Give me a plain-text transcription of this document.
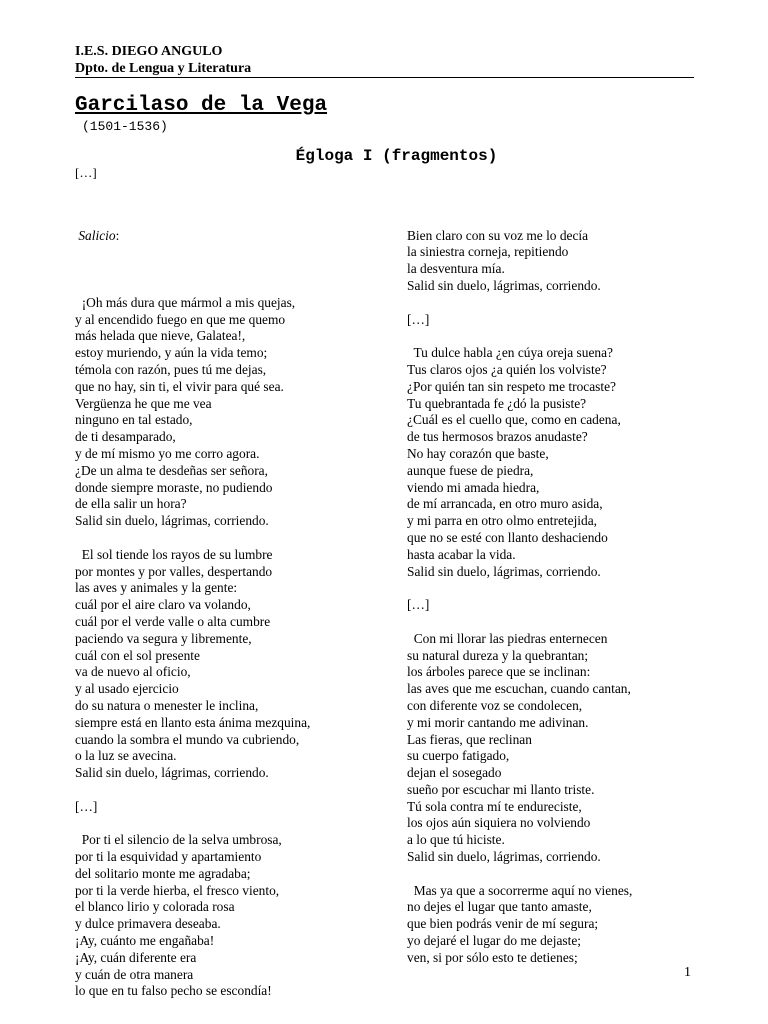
I.E.S. DIEGO ANGULO
Dpto. de Lengua y Literatura
Garcilaso de la Vega
(1501-1536)
Égloga I (fragmentos)
[…]

Salicio:

¡Oh más dura que mármol a mis quejas,
y al encendido fuego en que me quemo
más helada que nieve, Galatea!,
estoy muriendo, y aún la vida temo;
témola con razón, pues tú me dejas,
que no hay, sin ti, el vivir para qué sea.
Vergüenza he que me vea
ninguno en tal estado,
de ti desamparado,
y de mí mismo yo me corro agora.
¿De un alma te desdeñas ser señora,
donde siempre moraste, no pudiendo
de ella salir un hora?
Salid sin duelo, lágrimas, corriendo.
El sol tiende los rayos de su lumbre
por montes y por valles, despertando
las aves y animales y la gente:
cuál por el aire claro va volando,
cuál por el verde valle o alta cumbre
paciendo va segura y libremente,
cuál con el sol presente
va de nuevo al oficio,
y al usado ejercicio
do su natura o menester le inclina,
siempre está en llanto esta ánima mezquina,
cuando la sombra el mundo va cubriendo,
o la luz se avecina.
Salid sin duelo, lágrimas, corriendo.
[…]
Por ti el silencio de la selva umbrosa,
por ti la esquividad y apartamiento
del solitario monte me agradaba;
por ti la verde hierba, el fresco viento,
el blanco lirio y colorada rosa
y dulce primavera deseaba.
¡Ay, cuánto me engañaba!
¡Ay, cuán diferente era
y cuán de otra manera
lo que en tu falso pecho se escondía!

Bien claro con su voz me lo decía
la siniestra corneja, repitiendo
la desventura mía.
Salid sin duelo, lágrimas, corriendo.
[…]
Tu dulce habla ¿en cúya oreja suena?
Tus claros ojos ¿a quién los volviste?
¿Por quién tan sin respeto me trocaste?
Tu quebrantada fe ¿dó la pusiste?
¿Cuál es el cuello que, como en cadena,
de tus hermosos brazos anudaste?
No hay corazón que baste,
aunque fuese de piedra,
viendo mi amada hiedra,
de mí arrancada, en otro muro asida,
y mi parra en otro olmo entretejida,
que no se esté con llanto deshaciendo
hasta acabar la vida.
Salid sin duelo, lágrimas, corriendo.
[…]
Con mi llorar las piedras enternecen
su natural dureza y la quebrantan;
los árboles parece que se inclinan:
las aves que me escuchan, cuando cantan,
con diferente voz se condolecen,
y mi morir cantando me adivinan.
Las fieras, que reclinan
su cuerpo fatigado,
dejan el sosegado
sueño por escuchar mi llanto triste.
Tú sola contra mí te endureciste,
los ojos aún siquiera no volviendo
a lo que tú hiciste.
Salid sin duelo, lágrimas, corriendo.
Mas ya que a socorrerme aquí no vienes,
no dejes el lugar que tanto amaste,
que bien podrás venir de mí segura;
yo dejaré el lugar do me dejaste;
ven, si por sólo esto te detienes;

1
